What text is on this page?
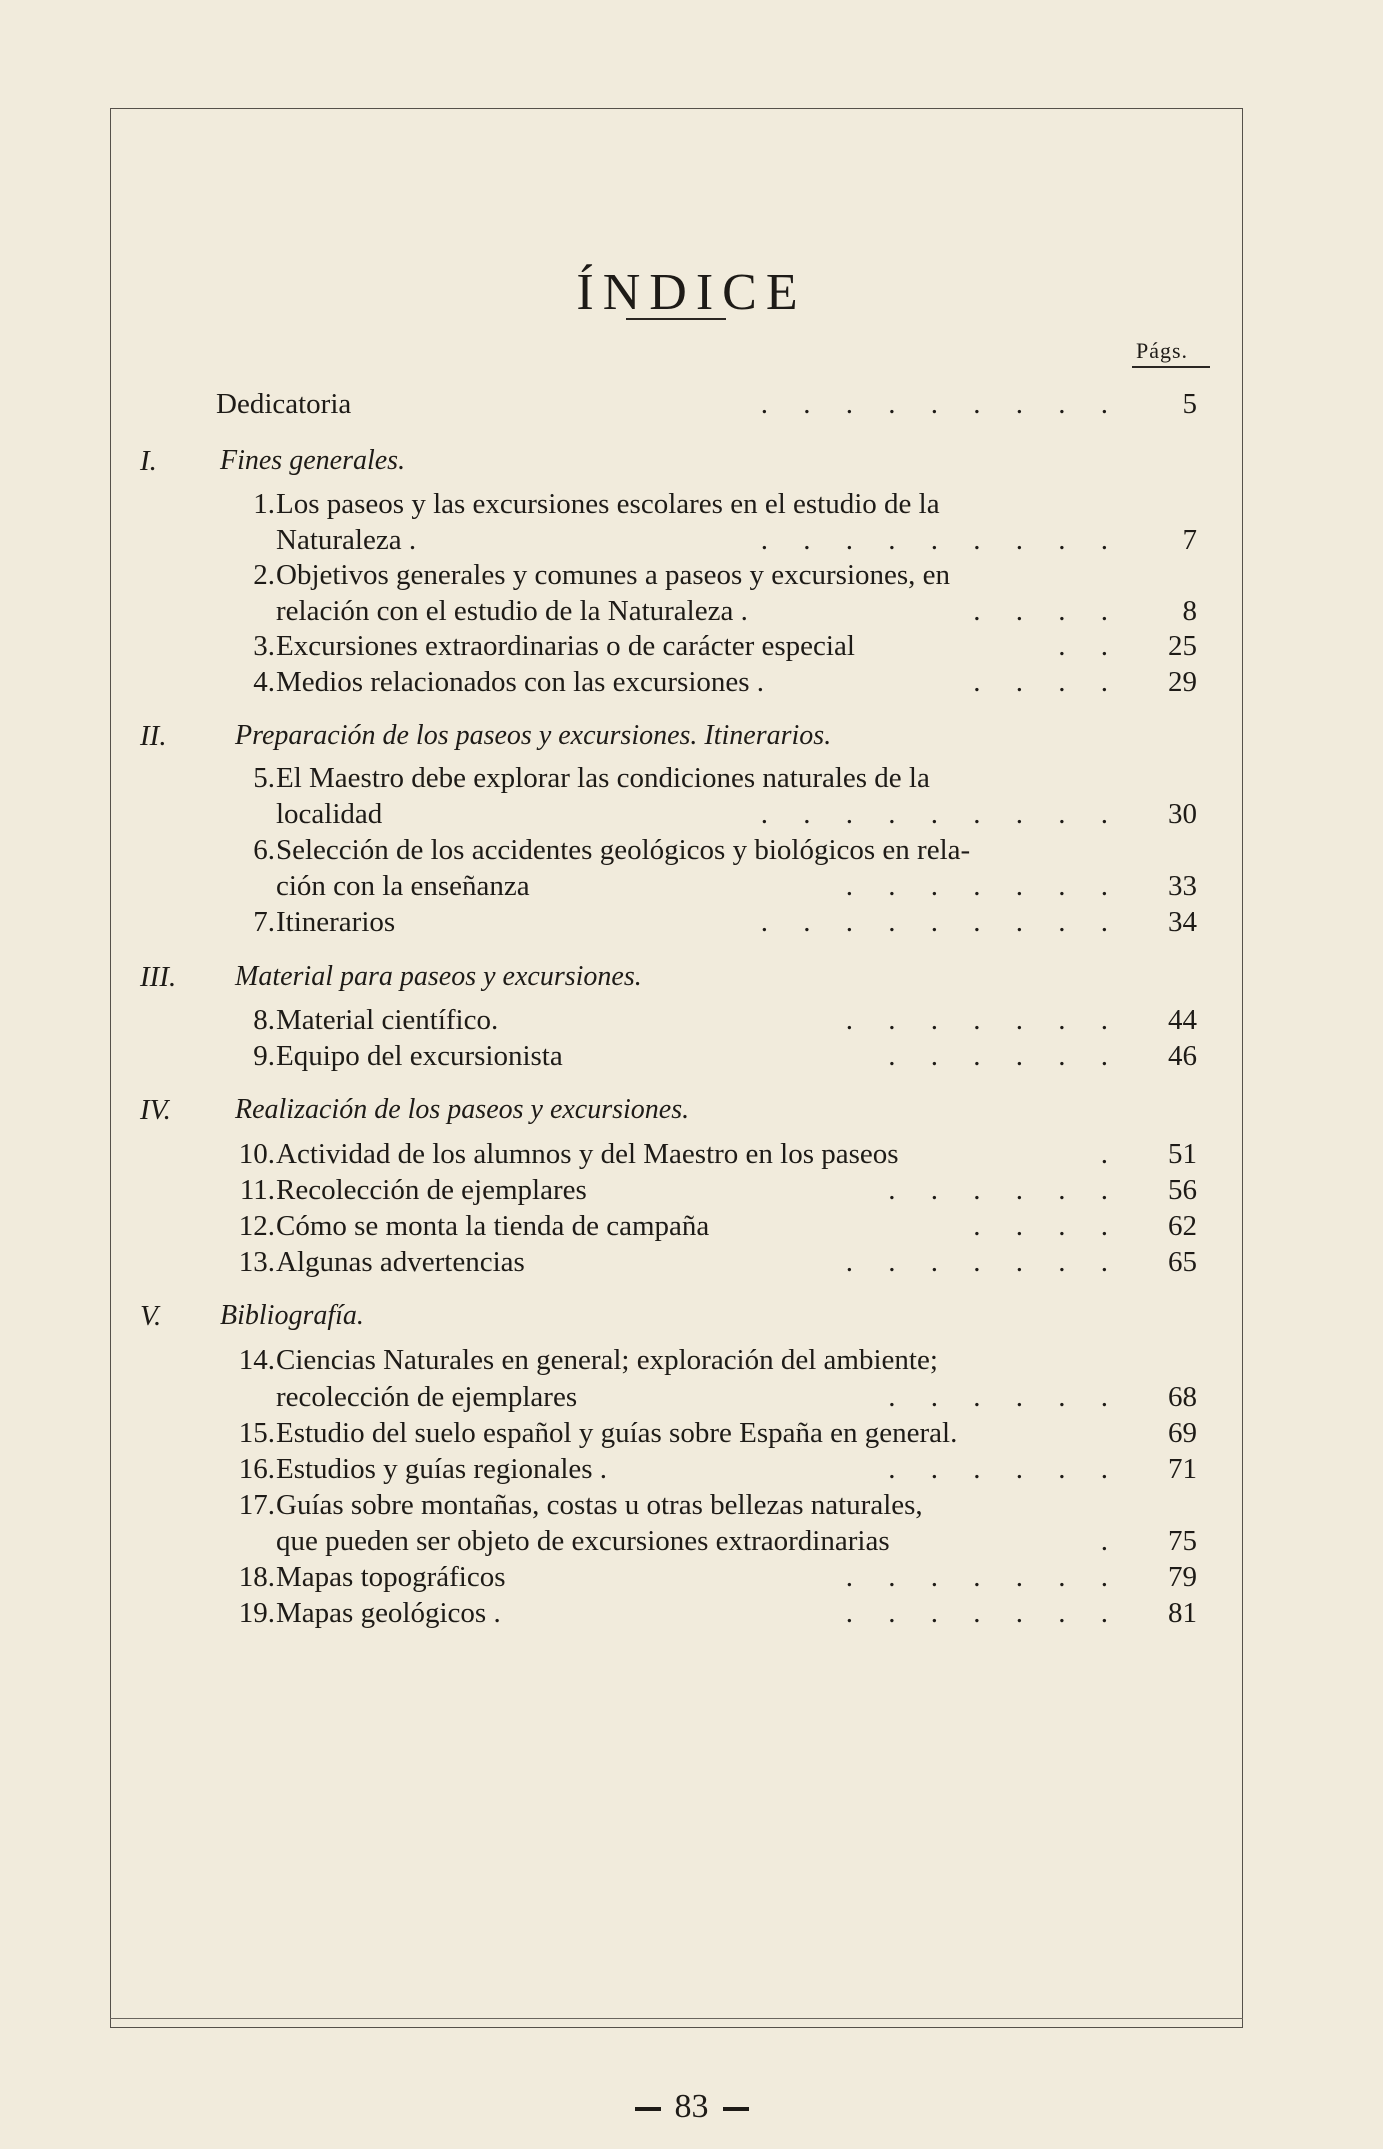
ÍNDICE
Págs.
Dedicatoria	. . . . . . . . .	5
I. Fines generales.
1. Los paseos y las excursiones escolares en el estudio de la
Naturaleza .	. . . . . . . . .	7
2. Objetivos generales y comunes a paseos y excursiones, en
relación con el estudio de la Naturaleza .	. . . .	8
3. Excursiones extraordinarias o de carácter especial	. .	25
4. Medios relacionados con las excursiones .	. . . .	29
II. Preparación de los paseos y excursiones. Itinerarios.
5. El Maestro debe explorar las condiciones naturales de la
localidad	. . . . . . . . .	30
6. Selección de los accidentes geológicos y biológicos en rela-
ción con la enseñanza	. . . . . . .	33
7. Itinerarios	. . . . . . . . .	34
III. Material para paseos y excursiones.
8. Material científico.	. . . . . . .	44
9. Equipo del excursionista	. . . . . .	46
IV. Realización de los paseos y excursiones.
10. Actividad de los alumnos y del Maestro en los paseos	.	51
11. Recolección de ejemplares	. . . . . .	56
12. Cómo se monta la tienda de campaña	. . . .	62
13. Algunas advertencias	. . . . . . .	65
V. Bibliografía.
14. Ciencias Naturales en general; exploración del ambiente;
recolección de ejemplares	. . . . . .	68
15. Estudio del suelo español y guías sobre España en general.	69
16. Estudios y guías regionales .	. . . . . .	71
17. Guías sobre montañas, costas u otras bellezas naturales,
que pueden ser objeto de excursiones extraordinarias	.	75
18. Mapas topográficos	. . . . . . .	79
19. Mapas geológicos .	. . . . . . .	81
83
